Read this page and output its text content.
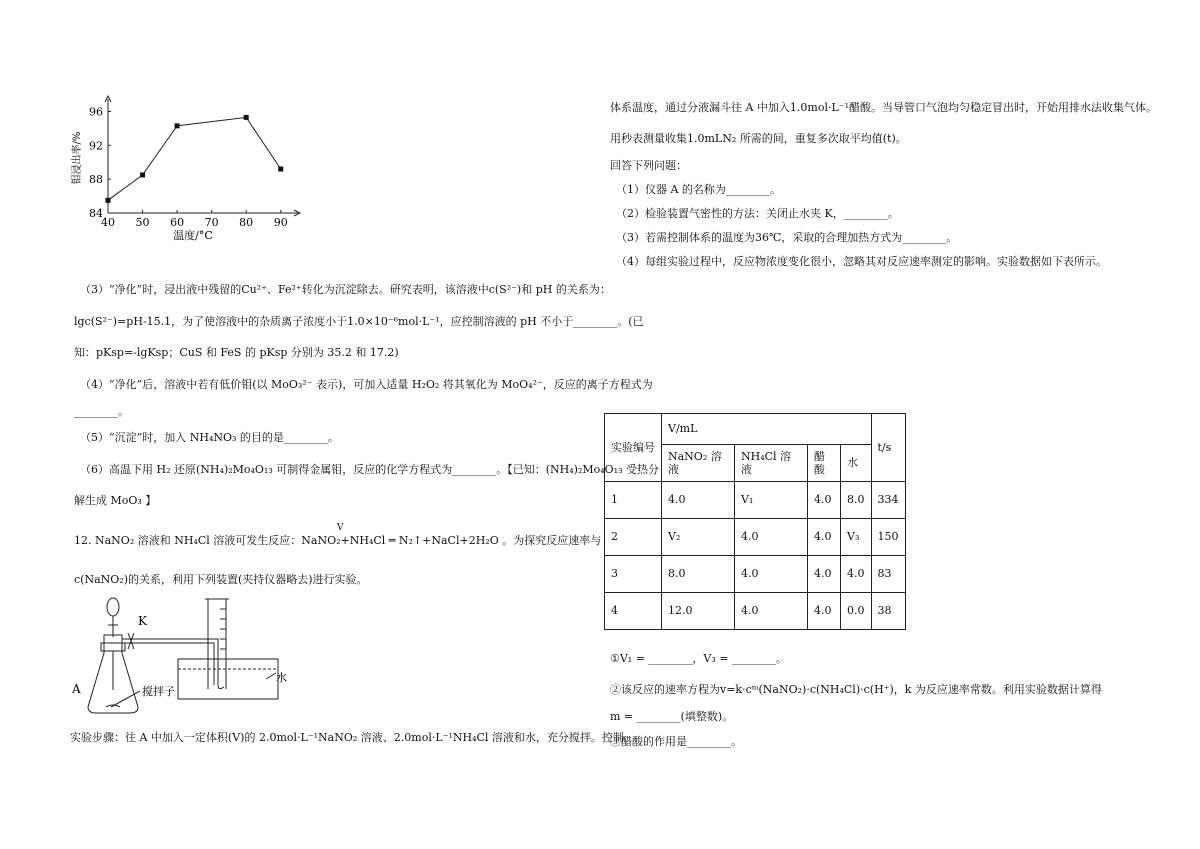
40 50 60 70 80 90
96
92
88
84
温度/°C
钼浸出率/%
（3）“净化”时，浸出液中残留的Cu²⁺、Fe²⁺转化为沉淀除去。研究表明，该溶液中c(S²⁻)和 pH 的关系为：
lgc(S²⁻)=pH-15.1，为了使溶液中的杂质离子浓度小于1.0×10⁻⁶mol·L⁻¹，应控制溶液的 pH 不小于________。(已
知：pKsp=-lgKsp；CuS 和 FeS 的 pKsp 分别为 35.2 和 17.2)
（4）“净化”后，溶液中若有低价钼(以 MoO₃²⁻ 表示)，可加入适量 H₂O₂ 将其氧化为 MoO₄²⁻，反应的离子方程式为
________。
（5）“沉淀”时，加入 NH₄NO₃ 的目的是________。
（6）高温下用 H₂ 还原(NH₄)₂Mo₄O₁₃ 可制得金属钼，反应的化学方程式为________。【已知：(NH₄)₂Mo₄O₁₃ 受热分
解生成 MoO₃ 】
V
12. NaNO₂ 溶液和 NH₄Cl 溶液可发生反应：NaNO₂+NH₄Cl ═ N₂↑+NaCl+2H₂O 。为探究反应速率与
c(NaNO₂)的关系，利用下列装置(夹持仪器略去)进行实验。
K
A	搅拌子
水
实验步骤：往 A 中加入一定体积(V)的 2.0mol·L⁻¹NaNO₂ 溶液、2.0mol·L⁻¹NH₄Cl 溶液和水，充分搅拌。控制
体系温度，通过分液漏斗往 A 中加入1.0mol·L⁻¹醋酸。当导管口气泡均匀稳定冒出时，开始用排水法收集气体。
用秒表测量收集1.0mLN₂ 所需的间，重复多次取平均值(t)。
回答下列问题：
（1）仪器 A 的名称为________。
（2）检验装置气密性的方法：关闭止水夹 K，________。
（3）若需控制体系的温度为36℃，采取的合理加热方式为________。
（4）每组实验过程中，反应物浓度变化很小，忽略其对反应速率测定的影响。实验数据如下表所示。
实验编号	V/mL				t/s
	NaNO₂ 溶液	NH₄Cl 溶液	醋酸	水	
1	4.0	V₁	4.0	8.0	334
2	V₂	4.0	4.0	V₃	150
3	8.0	4.0	4.0	4.0	83
4	12.0	4.0	4.0	0.0	38
①V₁ = ________，V₃ = ________。
②该反应的速率方程为v=k·cᵐ(NaNO₂)·c(NH₄Cl)·c(H⁺)，k 为反应速率常数。利用实验数据计算得
m = ________(填整数)。
③醋酸的作用是________。
